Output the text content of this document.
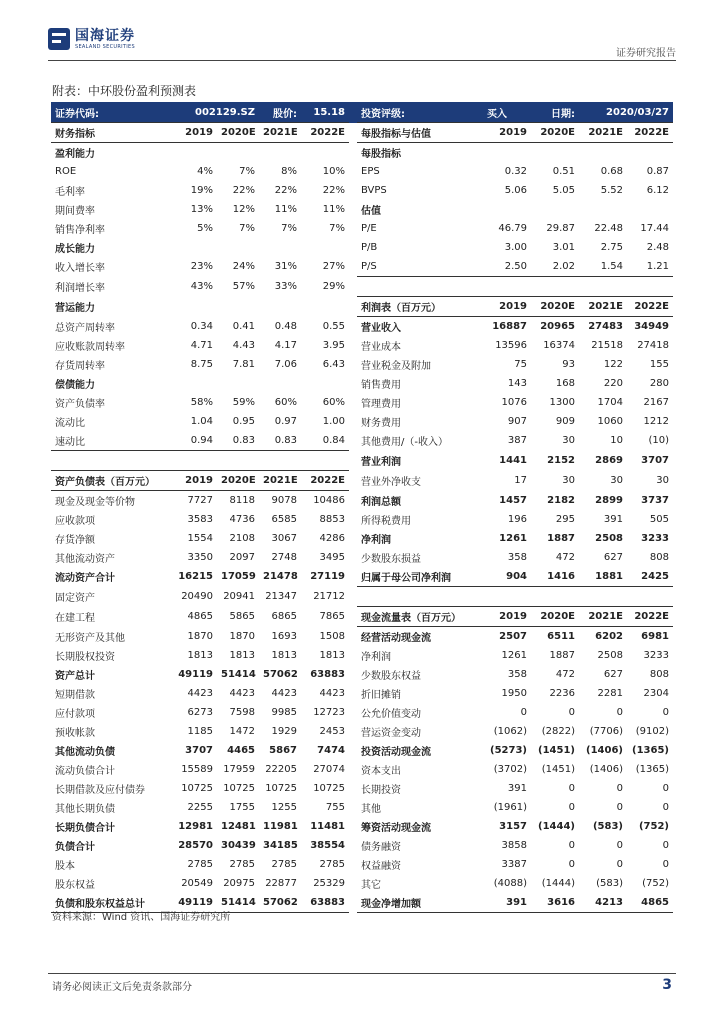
国海证券
SEALAND SECURITIES
证券研究报告
附表：中环股份盈利预测表
证券代码:	002129.SZ		股价:	15.18		投资评级:	买入	日期:	2020/03/27	
财务指标	2019	2020E	2021E	2022E		每股指标与估值	2019	2020E	2021E	2022E
盈利能力						每股指标				
ROE	4%	7%	8%	10%		EPS	0.32	0.51	0.68	0.87
毛利率	19%	22%	22%	22%		BVPS	5.06	5.05	5.52	6.12
期间费率	13%	12%	11%	11%		估值				
销售净利率	5%	7%	7%	7%		P/E	46.79	29.87	22.48	17.44
成长能力						P/B	3.00	3.01	2.75	2.48
收入增长率	23%	24%	31%	27%		P/S	2.50	2.02	1.54	1.21
利润增长率	43%	57%	33%	29%						
营运能力						利润表（百万元）	2019	2020E	2021E	2022E
总资产周转率	0.34	0.41	0.48	0.55		营业收入	16887	20965	27483	34949
应收账款周转率	4.71	4.43	4.17	3.95		营业成本	13596	16374	21518	27418
存货周转率	8.75	7.81	7.06	6.43		营业税金及附加	75	93	122	155
偿债能力						销售费用	143	168	220	280
资产负债率	58%	59%	60%	60%		管理费用	1076	1300	1704	2167
流动比	1.04	0.95	0.97	1.00		财务费用	907	909	1060	1212
速动比	0.94	0.83	0.83	0.84		其他费用/（-收入）	387	30	10	(10)
						营业利润	1441	2152	2869	3707
资产负债表（百万元）	2019	2020E	2021E	2022E		营业外净收支	17	30	30	30
现金及现金等价物	7727	8118	9078	10486		利润总额	1457	2182	2899	3737
应收款项	3583	4736	6585	8853		所得税费用	196	295	391	505
存货净额	1554	2108	3067	4286		净利润	1261	1887	2508	3233
其他流动资产	3350	2097	2748	3495		少数股东损益	358	472	627	808
流动资产合计	16215	17059	21478	27119		归属于母公司净利润	904	1416	1881	2425
固定资产	20490	20941	21347	21712						
在建工程	4865	5865	6865	7865		现金流量表（百万元）	2019	2020E	2021E	2022E
无形资产及其他	1870	1870	1693	1508		经营活动现金流	2507	6511	6202	6981
长期股权投资	1813	1813	1813	1813		净利润	1261	1887	2508	3233
资产总计	49119	51414	57062	63883		少数股东权益	358	472	627	808
短期借款	4423	4423	4423	4423		折旧摊销	1950	2236	2281	2304
应付款项	6273	7598	9985	12723		公允价值变动	0	0	0	0
预收帐款	1185	1472	1929	2453		营运资金变动	(1062)	(2822)	(7706)	(9102)
其他流动负债	3707	4465	5867	7474		投资活动现金流	(5273)	(1451)	(1406)	(1365)
流动负债合计	15589	17959	22205	27074		资本支出	(3702)	(1451)	(1406)	(1365)
长期借款及应付债券	10725	10725	10725	10725		长期投资	391	0	0	0
其他长期负债	2255	1755	1255	755		其他	(1961)	0	0	0
长期负债合计	12981	12481	11981	11481		筹资活动现金流	3157	(1444)	(583)	(752)
负债合计	28570	30439	34185	38554		债务融资	3858	0	0	0
股本	2785	2785	2785	2785		权益融资	3387	0	0	0
股东权益	20549	20975	22877	25329		其它	(4088)	(1444)	(583)	(752)
负债和股东权益总计	49119	51414	57062	63883		现金净增加额	391	3616	4213	4865
资料来源：Wind 资讯、国海证券研究所
请务必阅读正文后免责条款部分	3
